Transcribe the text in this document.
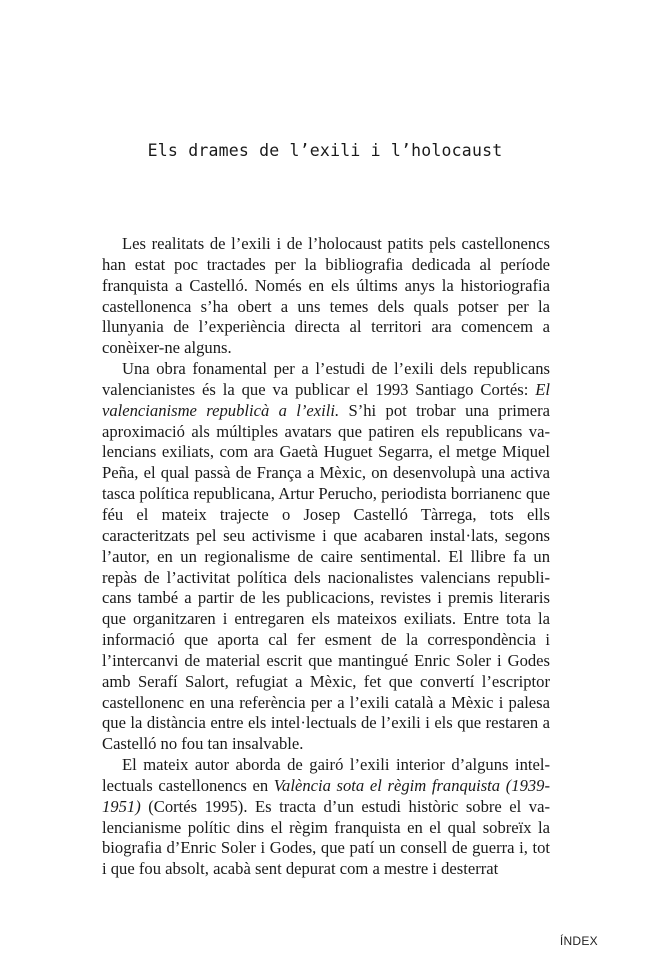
Els drames de l’exili i l’holocaust

Les realitats de l’exili i de l’holocaust patits pels castellonencs han estat poc tractades per la bibliografia dedicada al període franquista a Castelló. Només en els últims anys la historiografia castellonenca s’ha obert a uns temes dels quals potser per la llunyania de l’experiència directa al territori ara comencem a conèixer-ne alguns.

Una obra fonamental per a l’estudi de l’exili dels republicans valencianistes és la que va publicar el 1993 Santiago Cortés: El valencianisme republicà a l’exili. S’hi pot trobar una primera aproximació als múltiples avatars que patiren els republicans valencians exiliats, com ara Gaetà Huguet Segarra, el metge Miquel Peña, el qual passà de França a Mèxic, on desenvolupà una activa tasca política republicana, Artur Perucho, periodista borrianenc que féu el mateix trajecte o Josep Castelló Tàrrega, tots ells caracteritzats pel seu activisme i que acabaren instal·lats, segons l’autor, en un regionalisme de caire sentimental. El llibre fa un repàs de l’activitat política dels nacionalistes valencians republicans també a partir de les publicacions, revistes i premis literaris que organitzaren i entregaren els mateixos exiliats. Entre tota la informació que aporta cal fer esment de la correspondència i l’intercanvi de material escrit que mantingué Enric Soler i Godes amb Serafí Salort, refugiat a Mèxic, fet que convertí l’escriptor castellonenc en una referència per a l’exili català a Mèxic i palesa que la distància entre els intel·lectuals de l’exili i els que restaren a Castelló no fou tan insalvable.

El mateix autor aborda de gairó l’exili interior d’alguns intellectuals castellonencs en València sota el règim franquista (1939-1951) (Cortés 1995). Es tracta d’un estudi històric sobre el valencianisme polític dins el règim franquista en el qual sobreïx la biografia d’Enric Soler i Godes, que patí un consell de guerra i, tot i que fou absolt, acabà sent depurat com a mestre i desterrat

ÍNDEX
